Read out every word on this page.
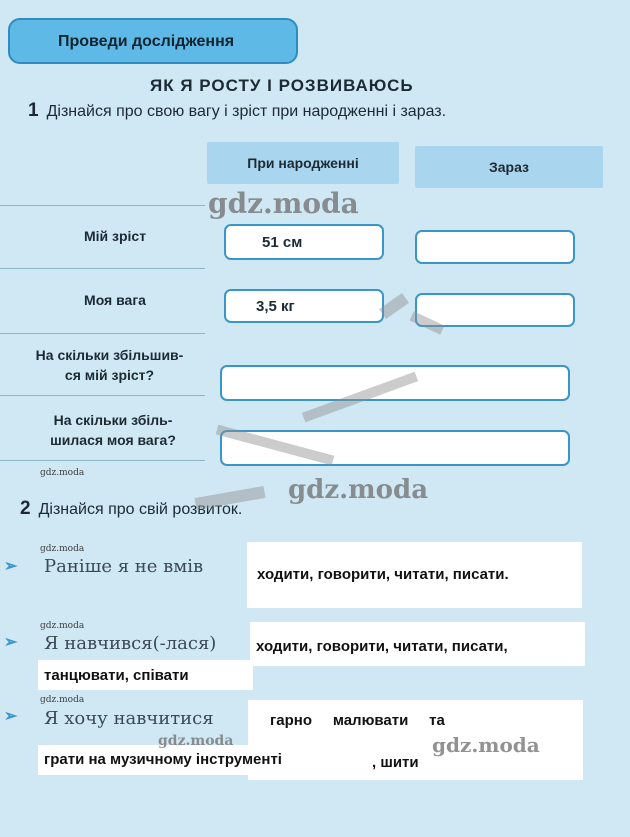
Проведи дослідження
ЯК Я РОСТУ І РОЗВИВАЮСЬ
1 Дізнайся про свою вагу і зріст при народженні і зараз.
При народженні	Зараз
Мій зріст	51 см
Моя вага	3,5 кг
На скільки збільшив-
ся мій зріст?
На скільки збіль-
шилася моя вага?
2 Дізнайся про свій розвиток.
➢ Раніше я не вмів	ходити, говорити, читати, писати.
➢ Я навчився(-лася)	ходити, говорити, читати, писати,
танцювати, співати
➢ Я хочу навчитися	гарно     малювати     та
грати на музичному інструменті	, шити
gdz.moda
gdz.moda
gdz.moda
gdz.moda
gdz.moda
gdz.moda
gdz.moda
gdz.moda
